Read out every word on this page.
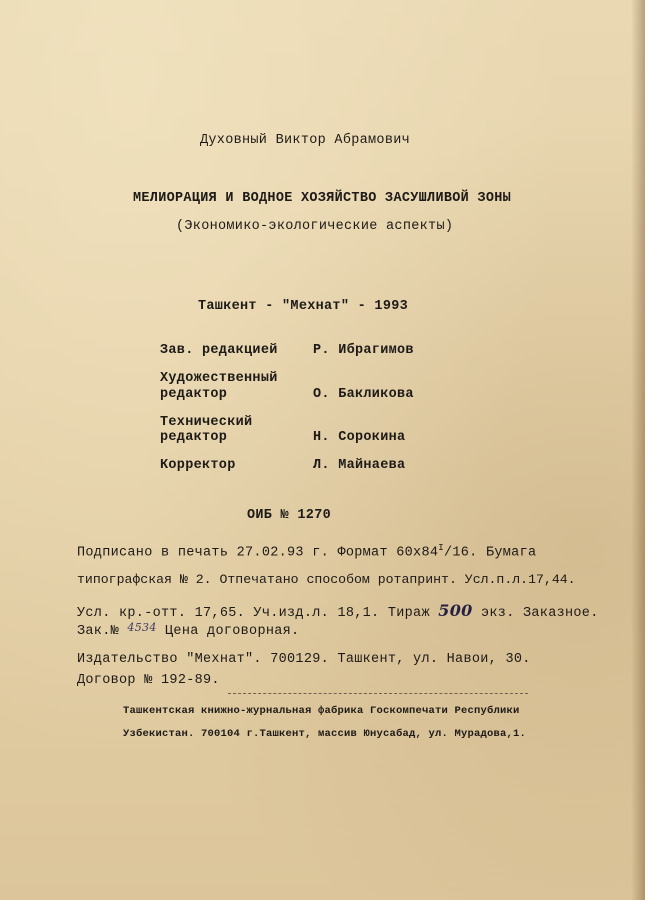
Духовный Виктор Абрамович
МЕЛИОРАЦИЯ И ВОДНОЕ ХОЗЯЙСТВО ЗАСУШЛИВОЙ ЗОНЫ
(Экономико-экологические аспекты)
Ташкент - "Мехнат" - 1993
Зав. редакцией	Р. Ибрагимов
Художественный
редактор	О. Бакликова
Технический
редактор	Н. Сорокина
Корректор	Л. Майнаева
ОИБ № 1270
Подписано в печать 27.02.93 г. Формат $60х84^I/16$. Бумага
типографская № 2. Отпечатано способом ротапринт. Усл.п.л.17,44.
Усл. кр.-отт. 17,65. Уч.изд.л. 18,1. Тираж 500 экз. Заказное.
Зак.№ $^{4534}$ Цена договорная.
Издательство "Мехнат". 700129. Ташкент, ул. Навои, 30.
Договор № 192-89.
Ташкентская книжно-журнальная фабрика Госкомпечати Республики
Узбекистан. 700104 г.Ташкент, массив Юнусабад, ул. Мурадова,1.
